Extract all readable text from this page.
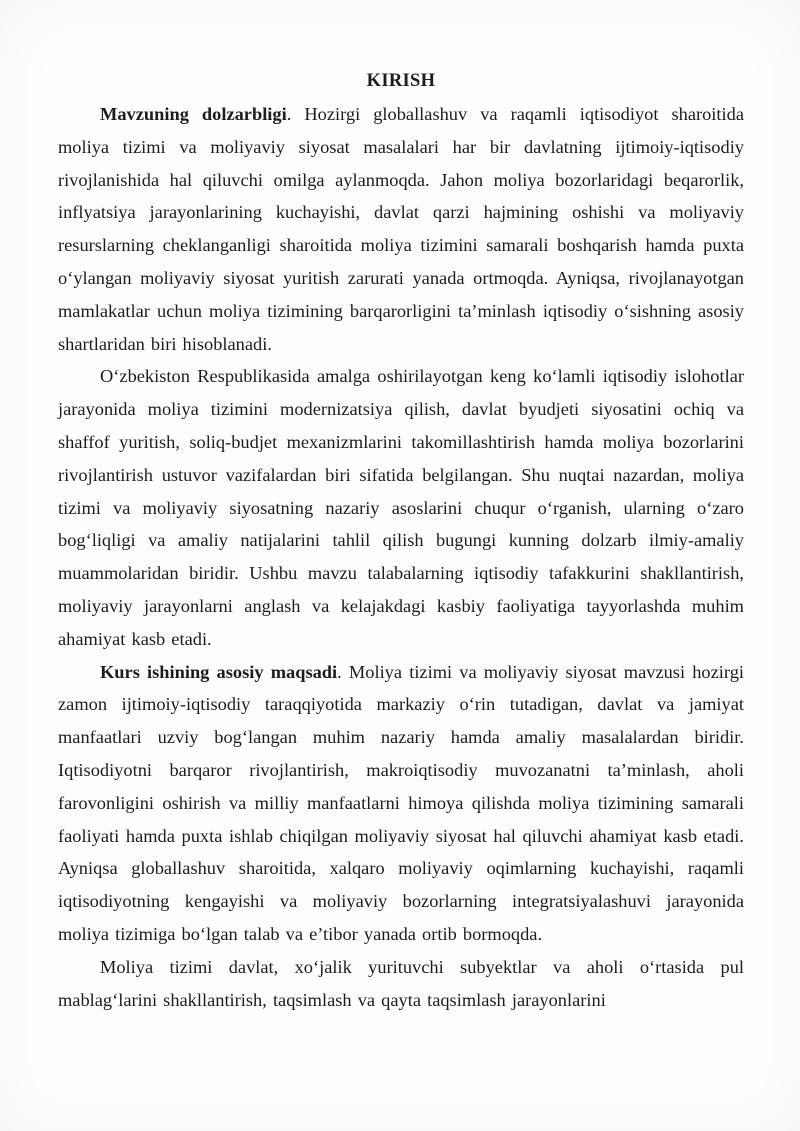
KIRISH

Mavzuning dolzarbligi. Hozirgi globallashuv va raqamli iqtisodiyot sharoitida moliya tizimi va moliyaviy siyosat masalalari har bir davlatning ijtimoiy-iqtisodiy rivojlanishida hal qiluvchi omilga aylanmoqda. Jahon moliya bozorlaridagi beqarorlik, inflyatsiya jarayonlarining kuchayishi, davlat qarzi hajmining oshishi va moliyaviy resurslarning cheklanganligi sharoitida moliya tizimini samarali boshqarish hamda puxta o‘ylangan moliyaviy siyosat yuritish zarurati yanada ortmoqda. Ayniqsa, rivojlanayotgan mamlakatlar uchun moliya tizimining barqarorligini ta’minlash iqtisodiy o‘sishning asosiy shartlaridan biri hisoblanadi.

O‘zbekiston Respublikasida amalga oshirilayotgan keng ko‘lamli iqtisodiy islohotlar jarayonida moliya tizimini modernizatsiya qilish, davlat byudjeti siyosatini ochiq va shaffof yuritish, soliq-budjet mexanizmlarini takomillashtirish hamda moliya bozorlarini rivojlantirish ustuvor vazifalardan biri sifatida belgilangan. Shu nuqtai nazardan, moliya tizimi va moliyaviy siyosatning nazariy asoslarini chuqur o‘rganish, ularning o‘zaro bog‘liqligi va amaliy natijalarini tahlil qilish bugungi kunning dolzarb ilmiy-amaliy muammolaridan biridir. Ushbu mavzu talabalarning iqtisodiy tafakkurini shakllantirish, moliyaviy jarayonlarni anglash va kelajakdagi kasbiy faoliyatiga tayyorlashda muhim ahamiyat kasb etadi.

Kurs ishining asosiy maqsadi. Moliya tizimi va moliyaviy siyosat mavzusi hozirgi zamon ijtimoiy-iqtisodiy taraqqiyotida markaziy o‘rin tutadigan, davlat va jamiyat manfaatlari uzviy bog‘langan muhim nazariy hamda amaliy masalalardan biridir. Iqtisodiyotni barqaror rivojlantirish, makroiqtisodiy muvozanatni ta’minlash, aholi farovonligini oshirish va milliy manfaatlarni himoya qilishda moliya tizimining samarali faoliyati hamda puxta ishlab chiqilgan moliyaviy siyosat hal qiluvchi ahamiyat kasb etadi. Ayniqsa globallashuv sharoitida, xalqaro moliyaviy oqimlarning kuchayishi, raqamli iqtisodiyotning kengayishi va moliyaviy bozorlarning integratsiyalashuvi jarayonida moliya tizimiga bo‘lgan talab va e’tibor yanada ortib bormoqda.

Moliya tizimi davlat, xo‘jalik yurituvchi subyektlar va aholi o‘rtasida pul mablag‘larini shakllantirish, taqsimlash va qayta taqsimlash jarayonlarini
